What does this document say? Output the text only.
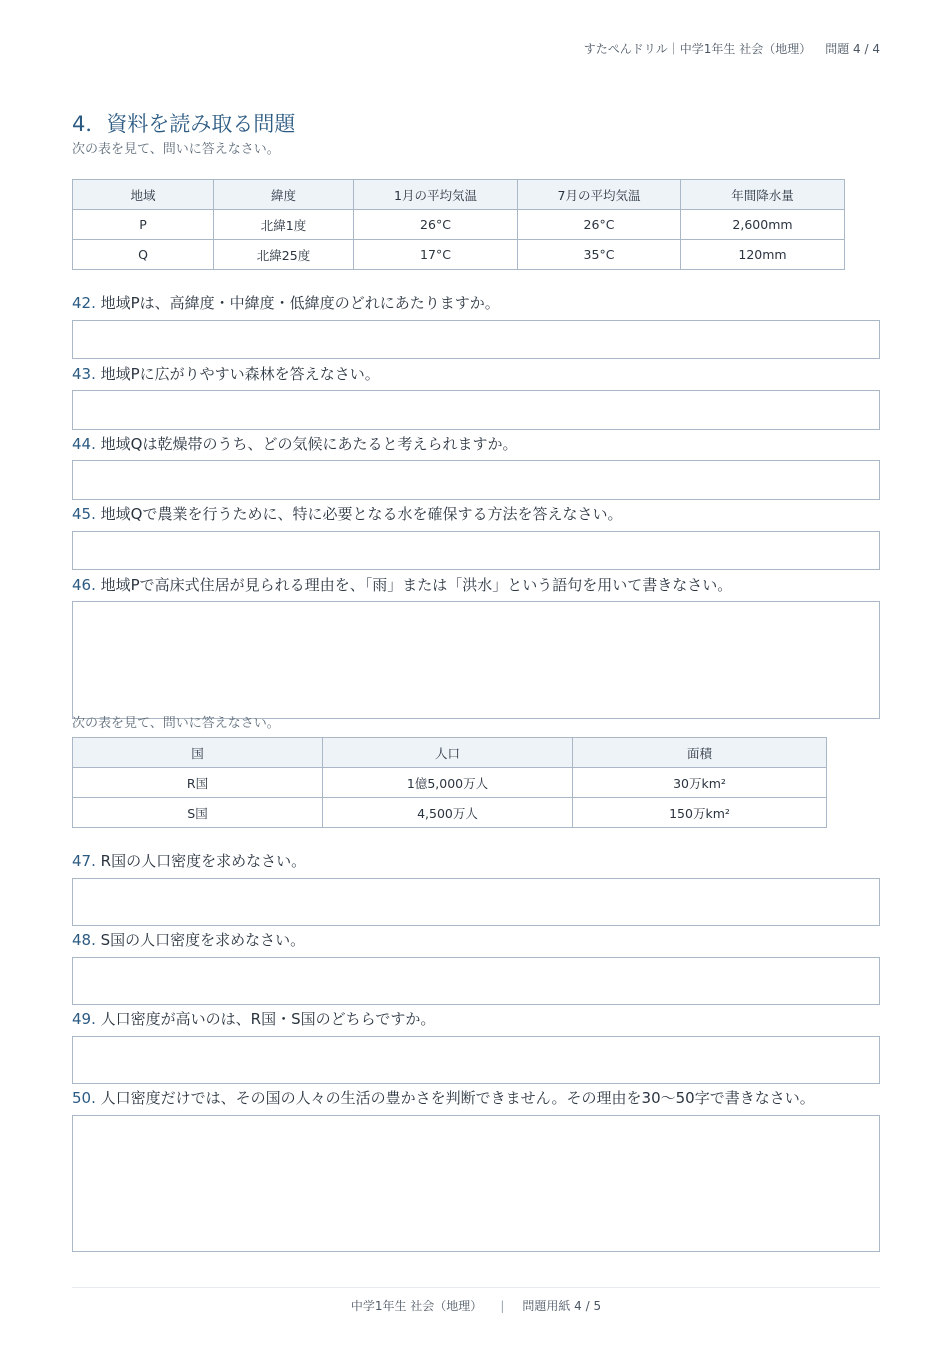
すたぺんドリル｜中学1年生 社会（地理） 問題 4 / 4
4．資料を読み取る問題
次の表を見て、問いに答えなさい。
地域	緯度	1月の平均気温	7月の平均気温	年間降水量
P	北緯1度	26°C	26°C	2,600mm
Q	北緯25度	17°C	35°C	120mm
42. 地域Pは、高緯度・中緯度・低緯度のどれにあたりますか。
43. 地域Pに広がりやすい森林を答えなさい。
44. 地域Qは乾燥帯のうち、どの気候にあたると考えられますか。
45. 地域Qで農業を行うために、特に必要となる水を確保する方法を答えなさい。
46. 地域Pで高床式住居が見られる理由を、「雨」または「洪水」という語句を用いて書きなさい。
次の表を見て、問いに答えなさい。
国	人口	面積
R国	1億5,000万人	30万km²
S国	4,500万人	150万km²
47. R国の人口密度を求めなさい。
48. S国の人口密度を求めなさい。
49. 人口密度が高いのは、R国・S国のどちらですか。
50. 人口密度だけでは、その国の人々の生活の豊かさを判断できません。その理由を30〜50字で書きなさい。
中学1年生 社会（地理） | 問題用紙 4 / 5
